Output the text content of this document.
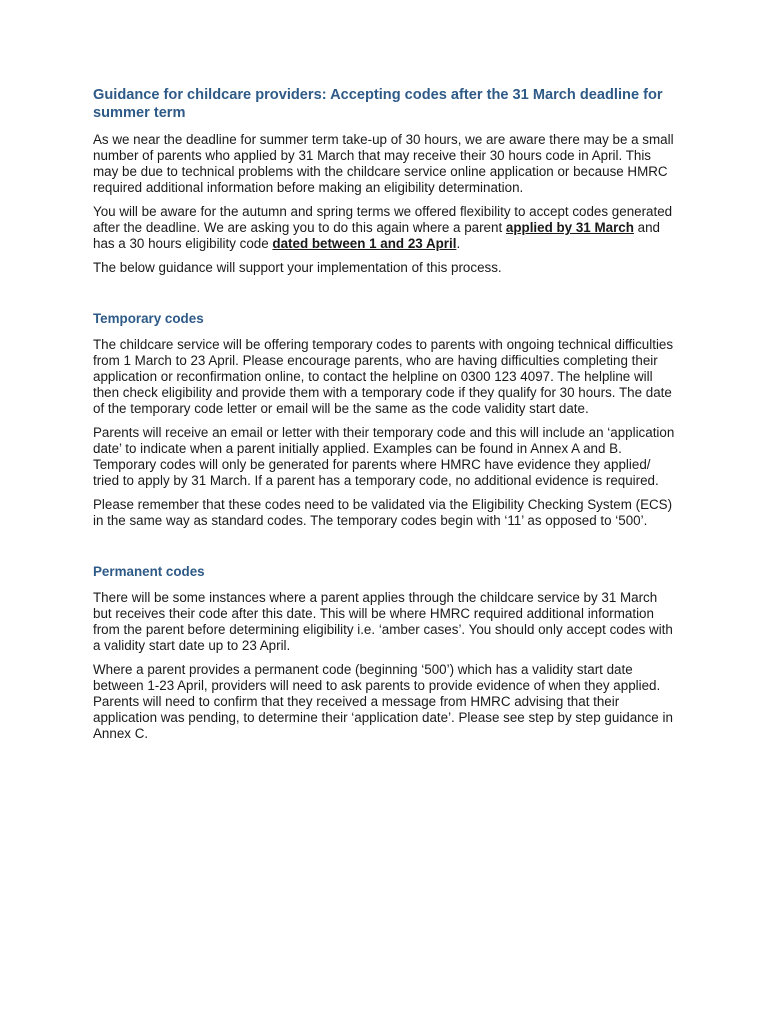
Guidance for childcare providers: Accepting codes after the 31 March deadline for summer term

As we near the deadline for summer term take-up of 30 hours, we are aware there may be a small number of parents who applied by 31 March that may receive their 30 hours code in April. This may be due to technical problems with the childcare service online application or because HMRC required additional information before making an eligibility determination.

You will be aware for the autumn and spring terms we offered flexibility to accept codes generated after the deadline. We are asking you to do this again where a parent applied by 31 March and has a 30 hours eligibility code dated between 1 and 23 April.

The below guidance will support your implementation of this process.

Temporary codes

The childcare service will be offering temporary codes to parents with ongoing technical difficulties from 1 March to 23 April. Please encourage parents, who are having difficulties completing their application or reconfirmation online, to contact the helpline on 0300 123 4097. The helpline will then check eligibility and provide them with a temporary code if they qualify for 30 hours. The date of the temporary code letter or email will be the same as the code validity start date.

Parents will receive an email or letter with their temporary code and this will include an ‘application date’ to indicate when a parent initially applied. Examples can be found in Annex A and B. Temporary codes will only be generated for parents where HMRC have evidence they applied/ tried to apply by 31 March. If a parent has a temporary code, no additional evidence is required.

Please remember that these codes need to be validated via the Eligibility Checking System (ECS) in the same way as standard codes. The temporary codes begin with ‘11’ as opposed to ‘500’.

Permanent codes

There will be some instances where a parent applies through the childcare service by 31 March but receives their code after this date. This will be where HMRC required additional information from the parent before determining eligibility i.e. ‘amber cases’. You should only accept codes with a validity start date up to 23 April.

Where a parent provides a permanent code (beginning ‘500’) which has a validity start date between 1-23 April, providers will need to ask parents to provide evidence of when they applied. Parents will need to confirm that they received a message from HMRC advising that their application was pending, to determine their ‘application date’. Please see step by step guidance in Annex C.
